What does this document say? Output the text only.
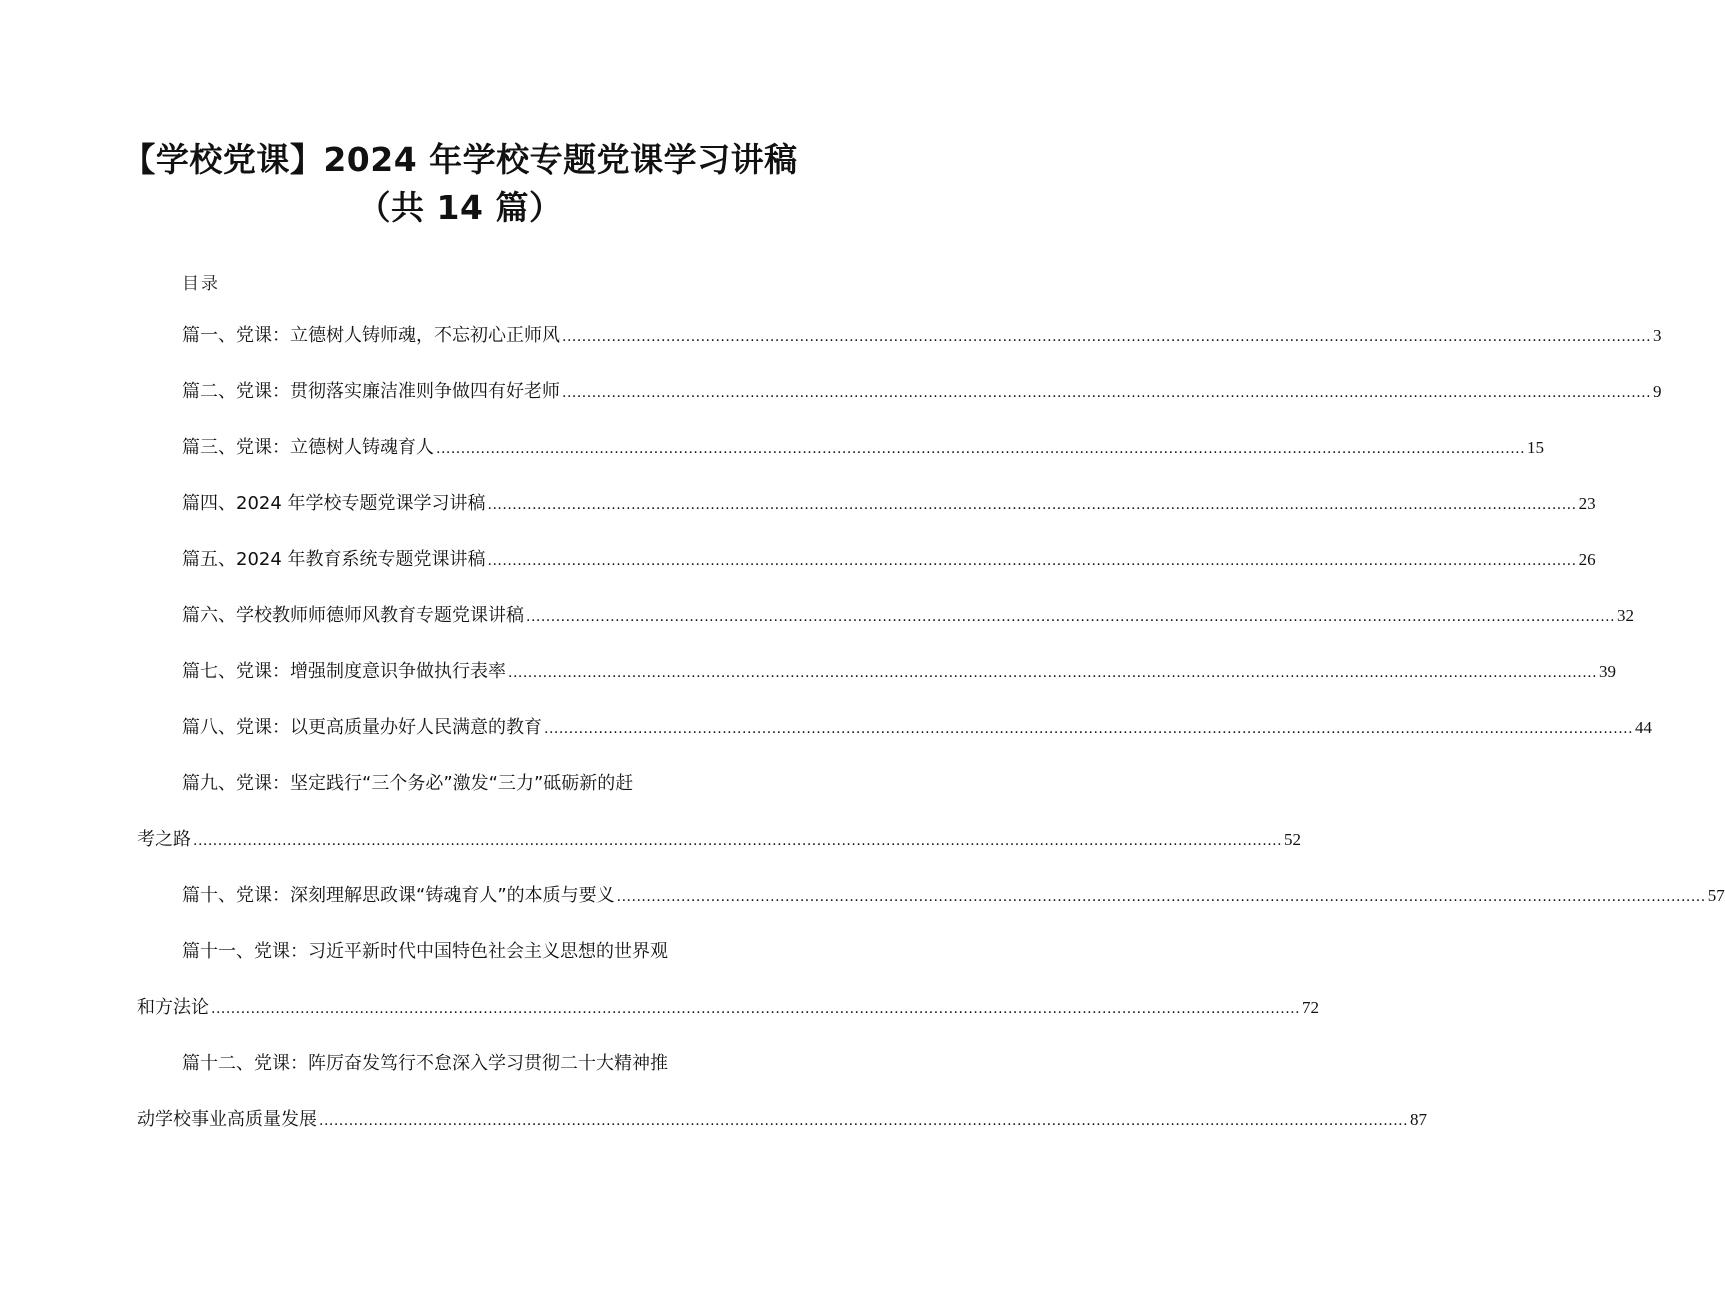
【学校党课】2024 年学校专题党课学习讲稿
（共 14 篇）
目录
篇一、党课：立德树人铸师魂，不忘初心正师风 ............................................................................................................................................................................................................................ 3
篇二、党课：贯彻落实廉洁准则争做四有好老师 ............................................................................................................................................................................................................................ 9
篇三、党课：立德树人铸魂育人 ............................................................................................................................................................................................................................ 15
篇四、2024 年学校专题党课学习讲稿 ............................................................................................................................................................................................................................ 23
篇五、2024 年教育系统专题党课讲稿 ............................................................................................................................................................................................................................ 26
篇六、学校教师师德师风教育专题党课讲稿 ............................................................................................................................................................................................................................ 32
篇七、党课：增强制度意识争做执行表率 ............................................................................................................................................................................................................................ 39
篇八、党课：以更高质量办好人民满意的教育 ............................................................................................................................................................................................................................ 44
篇九、党课：坚定践行“三个务必”激发“三力”砥砺新的赶
考之路 ............................................................................................................................................................................................................................ 52
篇十、党课：深刻理解思政课“铸魂育人”的本质与要义 ............................................................................................................................................................................................................................ 57
篇十一、党课：习近平新时代中国特色社会主义思想的世界观
和方法论 ............................................................................................................................................................................................................................ 72
篇十二、党课：阵厉奋发笃行不怠深入学习贯彻二十大精神推
动学校事业高质量发展 ............................................................................................................................................................................................................................ 87
